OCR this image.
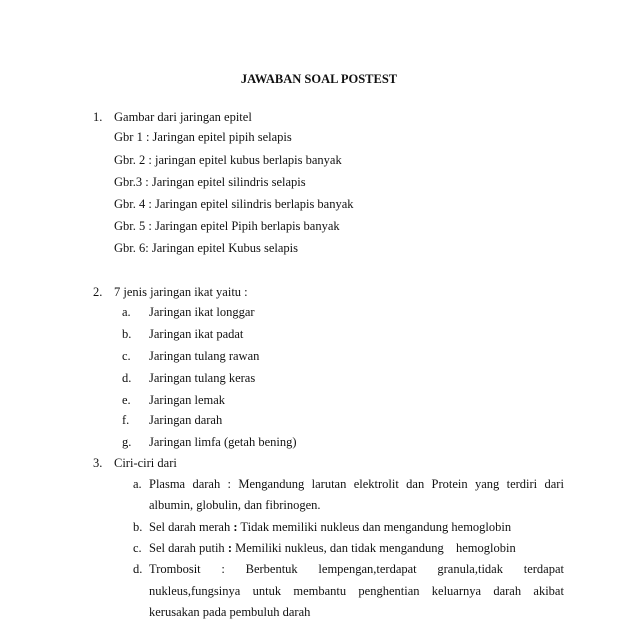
JAWABAN SOAL POSTEST
1. Gambar dari jaringan epitel
Gbr 1 : Jaringan epitel pipih selapis
Gbr. 2 : jaringan epitel kubus berlapis banyak
Gbr.3 : Jaringan epitel silindris selapis
Gbr. 4 : Jaringan epitel silindris berlapis banyak
Gbr. 5 : Jaringan epitel Pipih berlapis banyak
Gbr. 6: Jaringan epitel Kubus selapis
2. 7 jenis jaringan ikat yaitu :
a. Jaringan ikat longgar
b. Jaringan ikat padat
c. Jaringan tulang rawan
d. Jaringan tulang keras
e. Jaringan lemak
f. Jaringan darah
g. Jaringan limfa (getah bening)
3. Ciri-ciri dari
a. Plasma darah : Mengandung larutan elektrolit dan Protein yang terdiri dari
albumin, globulin, dan fibrinogen.
b. Sel darah merah : Tidak memiliki nukleus dan mengandung hemoglobin
c. Sel darah putih : Memiliki nukleus, dan tidak mengandung hemoglobin
d. Trombosit : Berbentuk lempengan,terdapat granula,tidak terdapat
nukleus,fungsinya untuk membantu penghentian keluarnya darah akibat
kerusakan pada pembuluh darah
